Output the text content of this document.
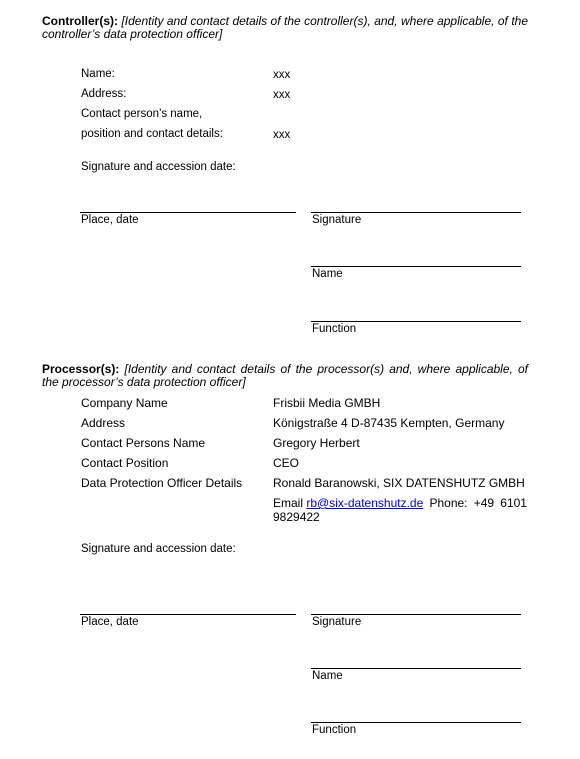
Controller(s): [Identity and contact details of the controller(s), and, where applicable, of the controller’s data protection officer]
Name:	xxx
Address:	xxx
Contact person’s name,
position and contact details:	xxx
Signature and accession date:
Place, date	Signature
Name
Function
Processor(s): [Identity and contact details of the processor(s) and, where applicable, of the processor’s data protection officer]
Company Name	Frisbii Media GMBH
Address	Königstraße 4 D-87435 Kempten, Germany
Contact Persons Name	Gregory Herbert
Contact Position	CEO
Data Protection Officer Details	Ronald Baranowski, SIX DATENSHUTZ GMBH
Email rb@six-datenshutz.de Phone: +49 6101
9829422
Signature and accession date:
Place, date	Signature
Name
Function
